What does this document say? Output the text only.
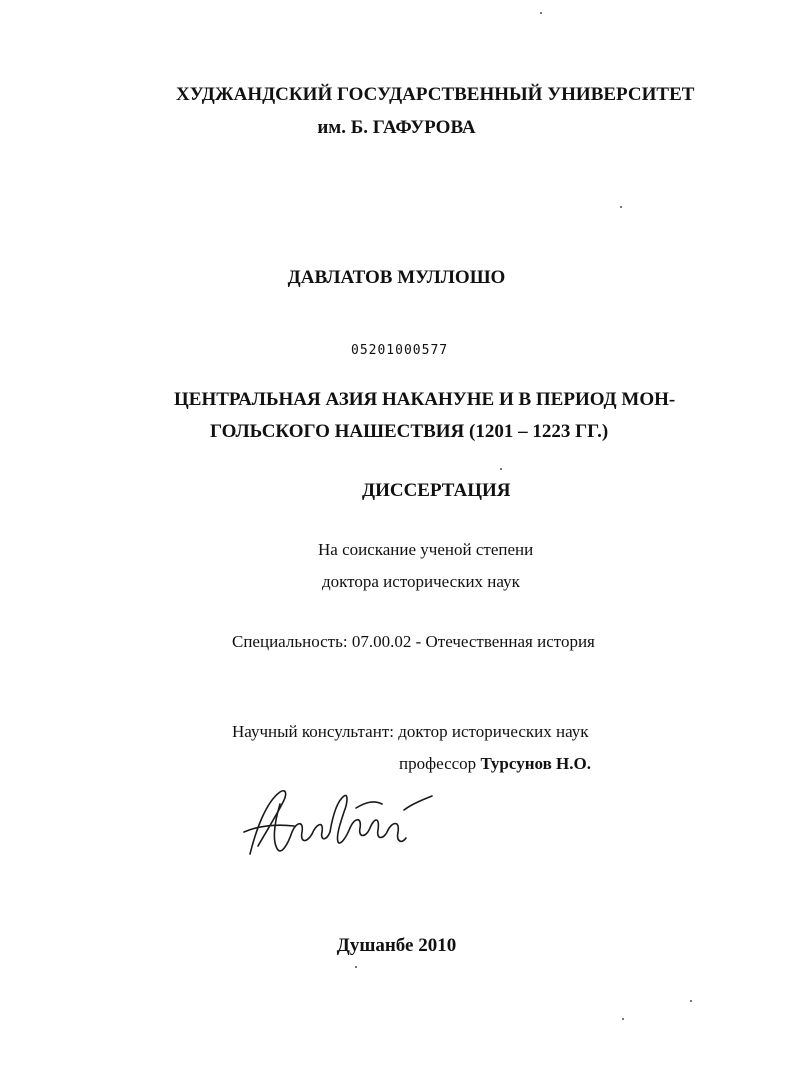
ХУДЖАНДСКИЙ ГОСУДАРСТВЕННЫЙ УНИВЕРСИТЕТ
им. Б. ГАФУРОВА
ДАВЛАТОВ МУЛЛОШО
05201000577
ЦЕНТРАЛЬНАЯ АЗИЯ НАКАНУНЕ И В ПЕРИОД МОН-
ГОЛЬСКОГО НАШЕСТВИЯ (1201 – 1223 ГГ.)
ДИССЕРТАЦИЯ
На соискание ученой степени
доктора исторических наук
Специальность: 07.00.02 - Отечественная история
Научный консультант: доктор исторических наук
профессор Турсунов Н.О.
Душанбе 2010
